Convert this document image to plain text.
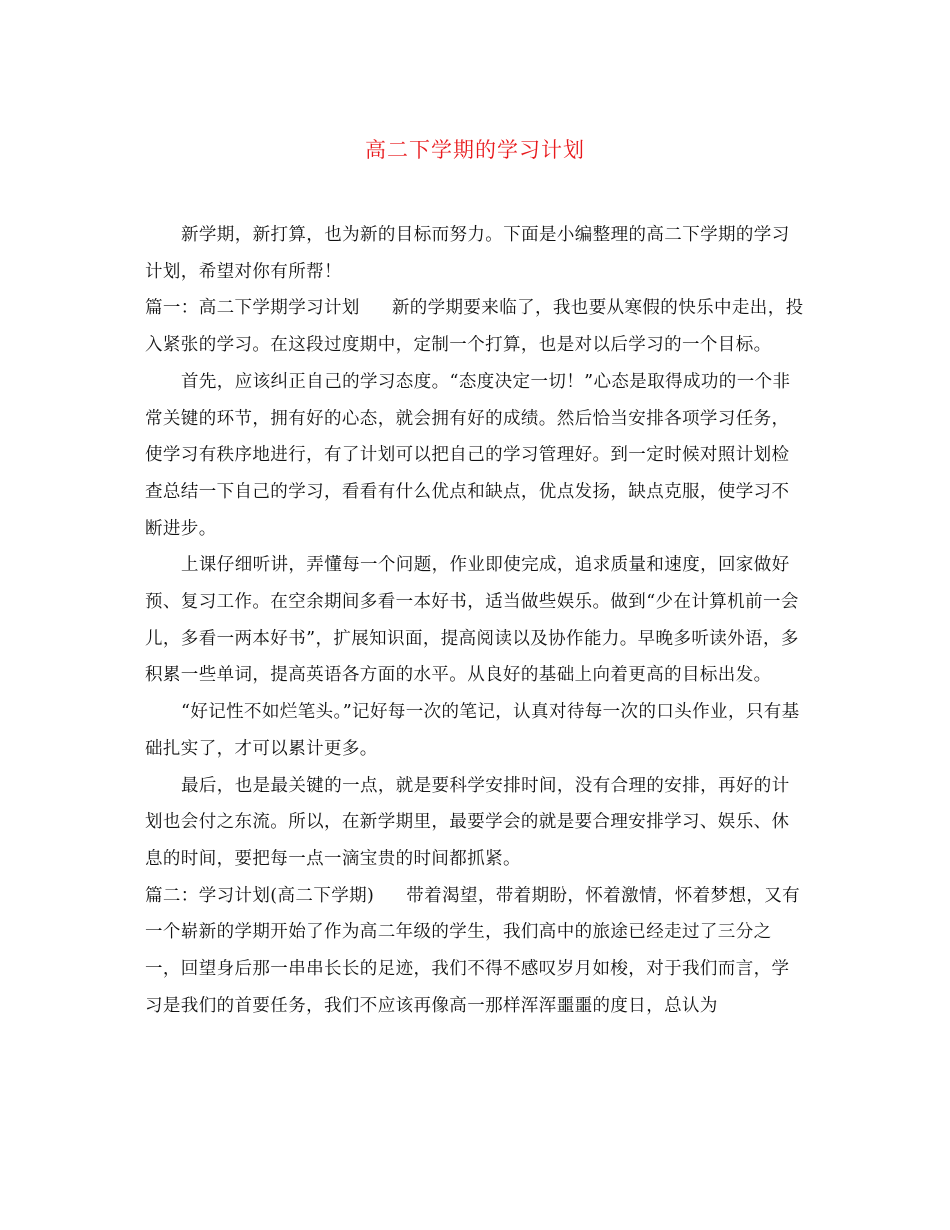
高二下学期的学习计划

新学期，新打算，也为新的目标而努力。下面是小编整理的高二下学期的学习计划，希望对你有所帮！

篇一：高二下学期学习计划 新的学期要来临了，我也要从寒假的快乐中走出，投入紧张的学习。在这段过度期中，定制一个打算，也是对以后学习的一个目标。

首先，应该纠正自己的学习态度。“态度决定一切！”心态是取得成功的一个非常关键的环节，拥有好的心态，就会拥有好的成绩。然后恰当安排各项学习任务，使学习有秩序地进行，有了计划可以把自己的学习管理好。到一定时候对照计划检查总结一下自己的学习，看看有什么优点和缺点，优点发扬，缺点克服，使学习不断进步。

上课仔细听讲，弄懂每一个问题，作业即使完成，追求质量和速度，回家做好预、复习工作。在空余期间多看一本好书，适当做些娱乐。做到“少在计算机前一会儿，多看一两本好书”，扩展知识面，提高阅读以及协作能力。早晚多听读外语，多积累一些单词，提高英语各方面的水平。从良好的基础上向着更高的目标出发。

“好记性不如烂笔头。”记好每一次的笔记，认真对待每一次的口头作业，只有基础扎实了，才可以累计更多。

最后，也是最关键的一点，就是要科学安排时间，没有合理的安排，再好的计划也会付之东流。所以，在新学期里，最要学会的就是要合理安排学习、娱乐、休息的时间，要把每一点一滴宝贵的时间都抓紧。

篇二：学习计划(高二下学期) 带着渴望，带着期盼，怀着激情，怀着梦想，又有一个崭新的学期开始了作为高二年级的学生，我们高中的旅途已经走过了三分之一，回望身后那一串串长长的足迹，我们不得不感叹岁月如梭，对于我们而言，学习是我们的首要任务，我们不应该再像高一那样浑浑噩噩的度日，总认为
